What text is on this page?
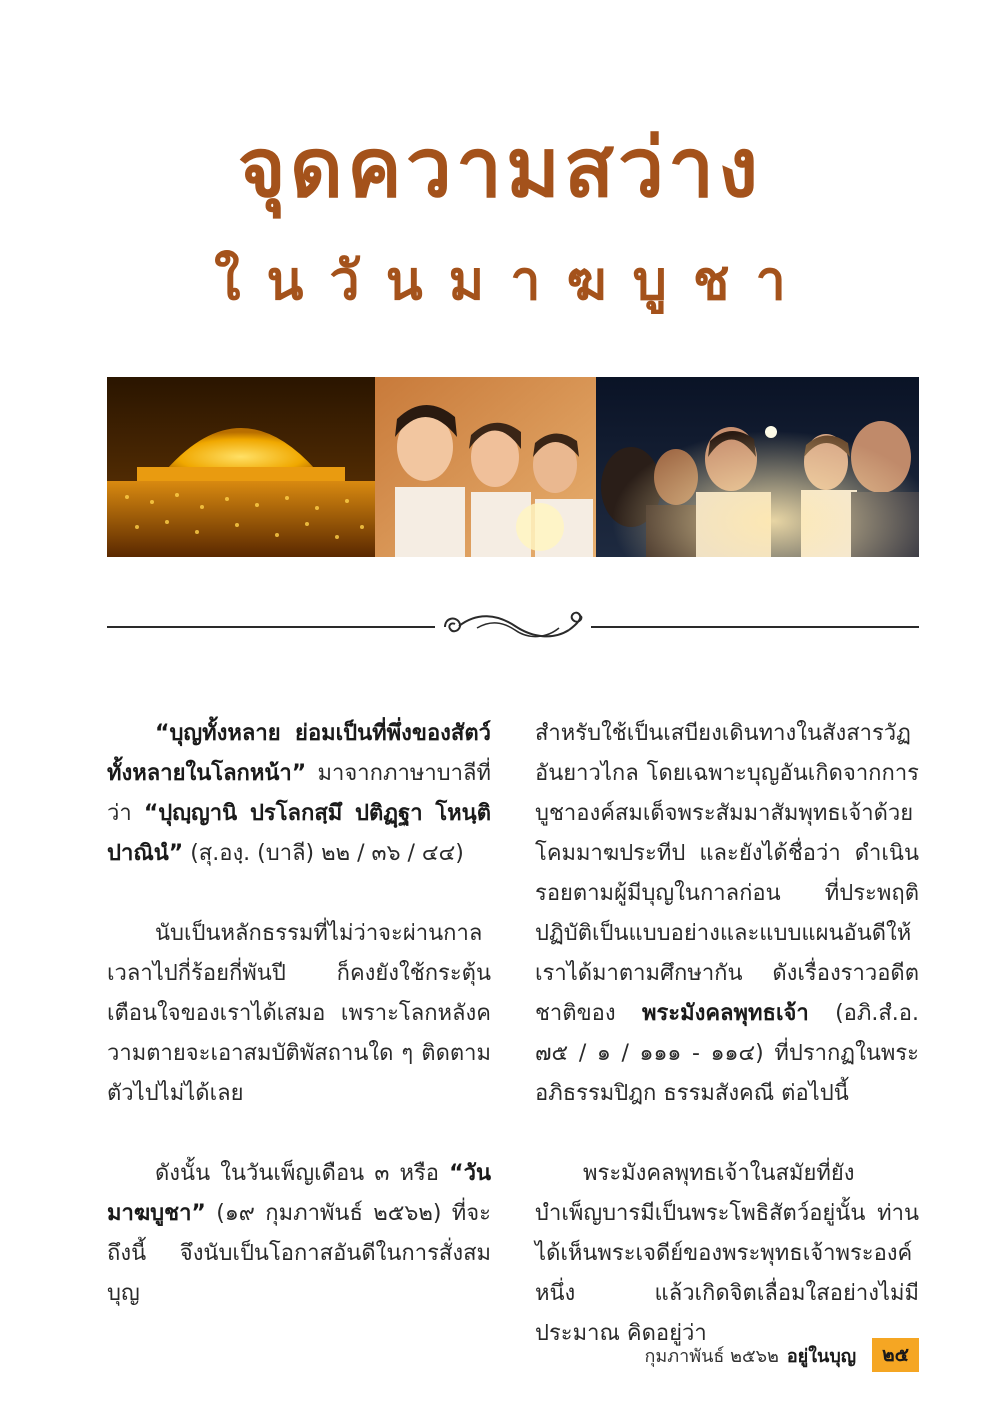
จุดความสว่าง
ในวันมาฆบูชา

“บุญทั้งหลาย ย่อมเป็นที่พึ่งของสัตว์ทั้งหลายในโลกหน้า” มาจากภาษาบาลีที่ว่า “ปุญฺญานิ ปรโลกสฺมึ ปติฏฺฐา โหนฺติ ปาณินํ” (สุ.องฺ. (บาลี) ๒๒ / ๓๖ / ๔๔)

นับเป็นหลักธรรมที่ไม่ว่าจะผ่านกาลเวลาไปกี่ร้อยกี่พันปี ก็คงยังใช้กระตุ้นเตือนใจของเราได้เสมอ เพราะโลกหลังความตายจะเอาสมบัติพัสถานใด ๆ ติดตามตัวไปไม่ได้เลย

ดังนั้น ในวันเพ็ญเดือน ๓ หรือ “วันมาฆบูชา” (๑๙ กุมภาพันธ์ ๒๕๖๒) ที่จะถึงนี้ จึงนับเป็นโอกาสอันดีในการสั่งสมบุญ

สำหรับใช้เป็นเสบียงเดินทางในสังสารวัฏอันยาวไกล โดยเฉพาะบุญอันเกิดจากการบูชาองค์สมเด็จพระสัมมาสัมพุทธเจ้าด้วยโคมมาฆประทีป และยังได้ชื่อว่า ดำเนินรอยตามผู้มีบุญในกาลก่อน ที่ประพฤติปฏิบัติเป็นแบบอย่างและแบบแผนอันดีให้เราได้มาตามศึกษากัน ดังเรื่องราวอดีตชาติของ พระมังคลพุทธเจ้า (อภิ.สํ.อ. ๗๕ / ๑ / ๑๑๑ - ๑๑๔) ที่ปรากฏในพระอภิธรรมปิฎก ธรรมสังคณี ต่อไปนี้

พระมังคลพุทธเจ้าในสมัยที่ยังบำเพ็ญบารมีเป็นพระโพธิสัตว์อยู่นั้น ท่านได้เห็นพระเจดีย์ของพระพุทธเจ้าพระองค์หนึ่ง แล้วเกิดจิตเลื่อมใสอย่างไม่มีประมาณ คิดอยู่ว่า

กุมภาพันธ์ ๒๕๖๒ อยู่ในบุญ	๒๕
